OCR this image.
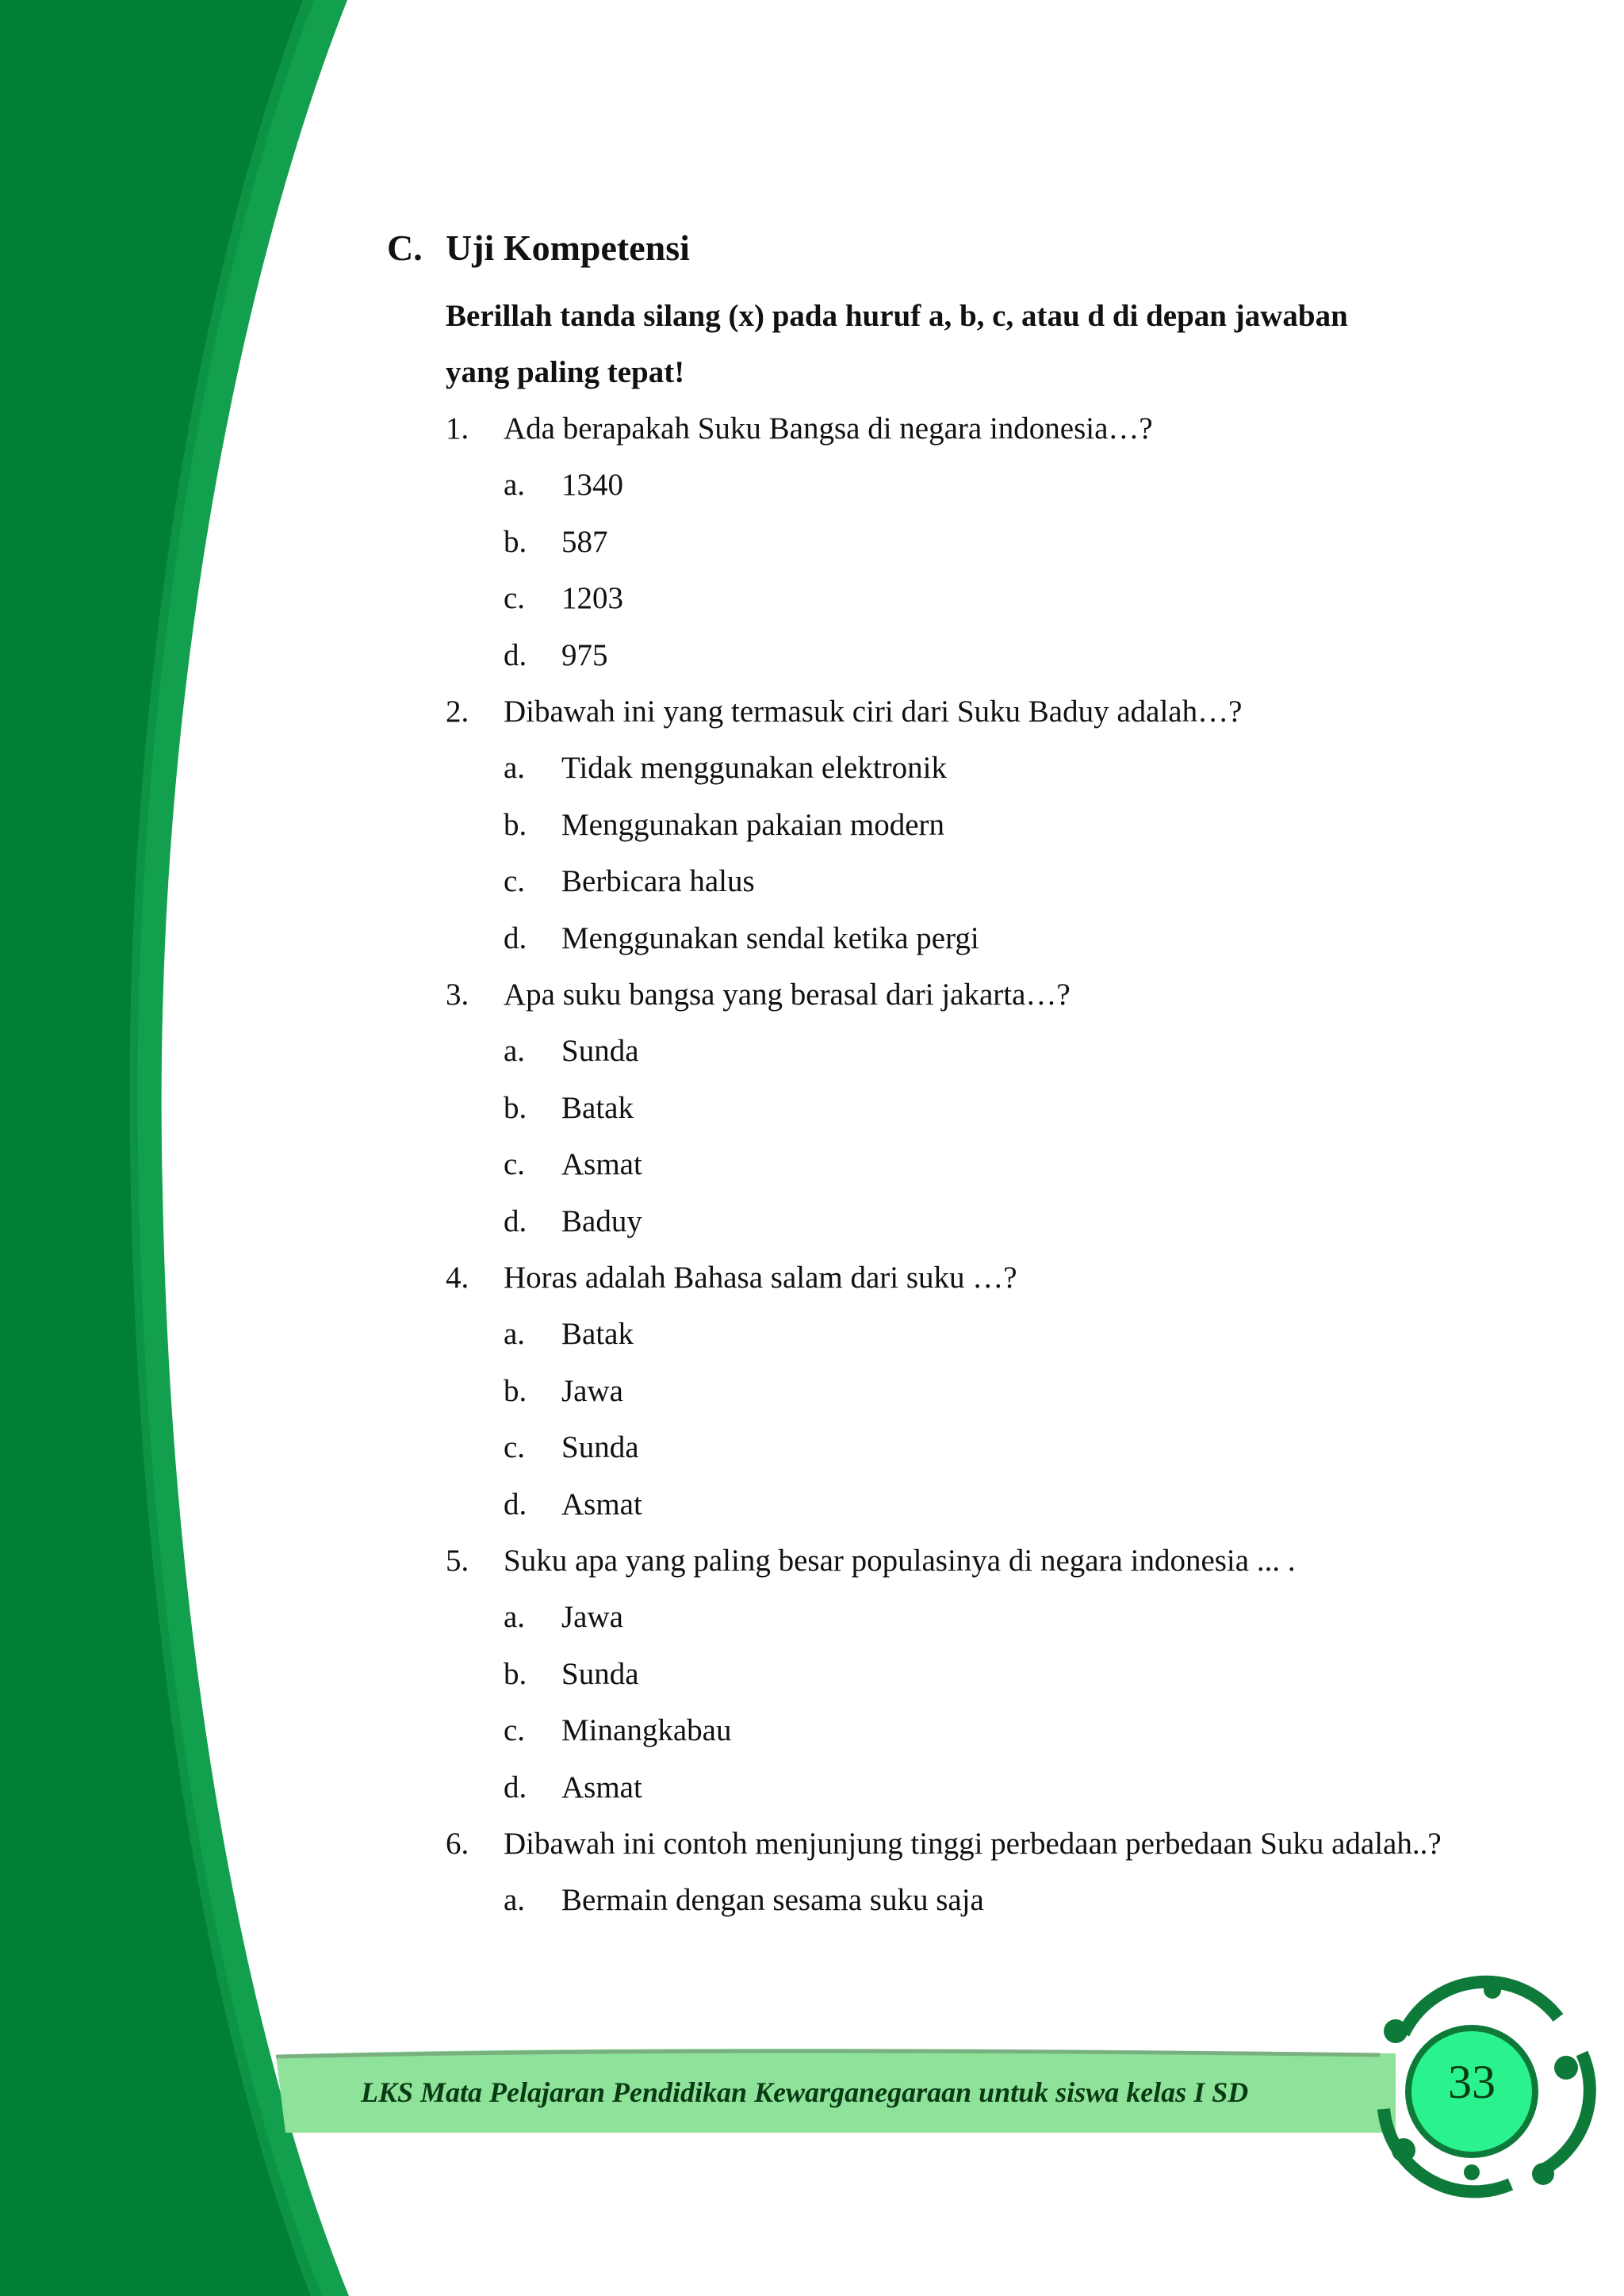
C. Uji Kompetensi
Berillah tanda silang (x) pada huruf a, b, c, atau d di depan jawaban
yang paling tepat!
1. Ada berapakah Suku Bangsa di negara indonesia…?
a. 1340
b. 587
c. 1203
d. 975
2. Dibawah ini yang termasuk ciri dari Suku Baduy adalah…?
a. Tidak menggunakan elektronik
b. Menggunakan pakaian modern
c. Berbicara halus
d. Menggunakan sendal ketika pergi
3. Apa suku bangsa yang berasal dari jakarta…?
a. Sunda
b. Batak
c. Asmat
d. Baduy
4. Horas adalah Bahasa salam dari suku …?
a. Batak
b. Jawa
c. Sunda
d. Asmat
5. Suku apa yang paling besar populasinya di negara indonesia ... .
a. Jawa
b. Sunda
c. Minangkabau
d. Asmat
6. Dibawah ini contoh menjunjung tinggi perbedaan perbedaan Suku adalah..?
a. Bermain dengan sesama suku saja
LKS Mata Pelajaran Pendidikan Kewarganegaraan untuk siswa kelas I SD	33
